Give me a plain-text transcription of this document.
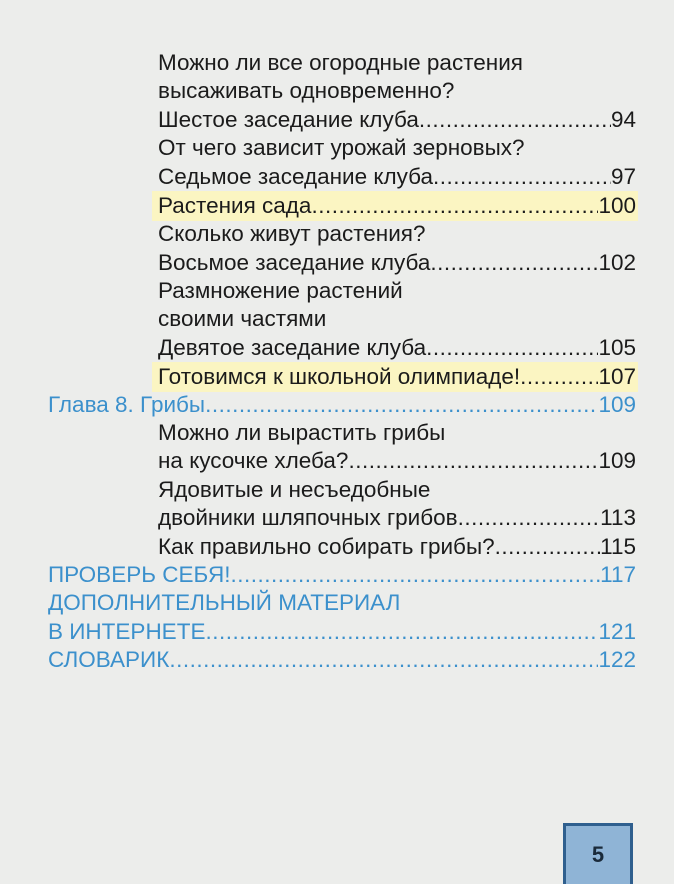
Можно ли все огородные растения
высаживать одновременно?
Шестое заседание клуба .....	94
От чего зависит урожай зерновых?
Седьмое заседание клуба .....	97
Растения сада .....	100
Сколько живут растения?
Восьмое заседание клуба .....	102
Размножение растений
своими частями
Девятое заседание клуба .....	105
Готовимся к школьной олимпиаде! .....	107
Глава 8. Грибы .....	109
Можно ли вырастить грибы
на кусочке хлеба? .....	109
Ядовитые и несъедобные
двойники шляпочных грибов .....	113
Как правильно собирать грибы? .....	115
ПРОВЕРЬ СЕБЯ! .....	117
ДОПОЛНИТЕЛЬНЫЙ МАТЕРИАЛ
В ИНТЕРНЕТЕ .....	121
СЛОВАРИК .....	122
5
